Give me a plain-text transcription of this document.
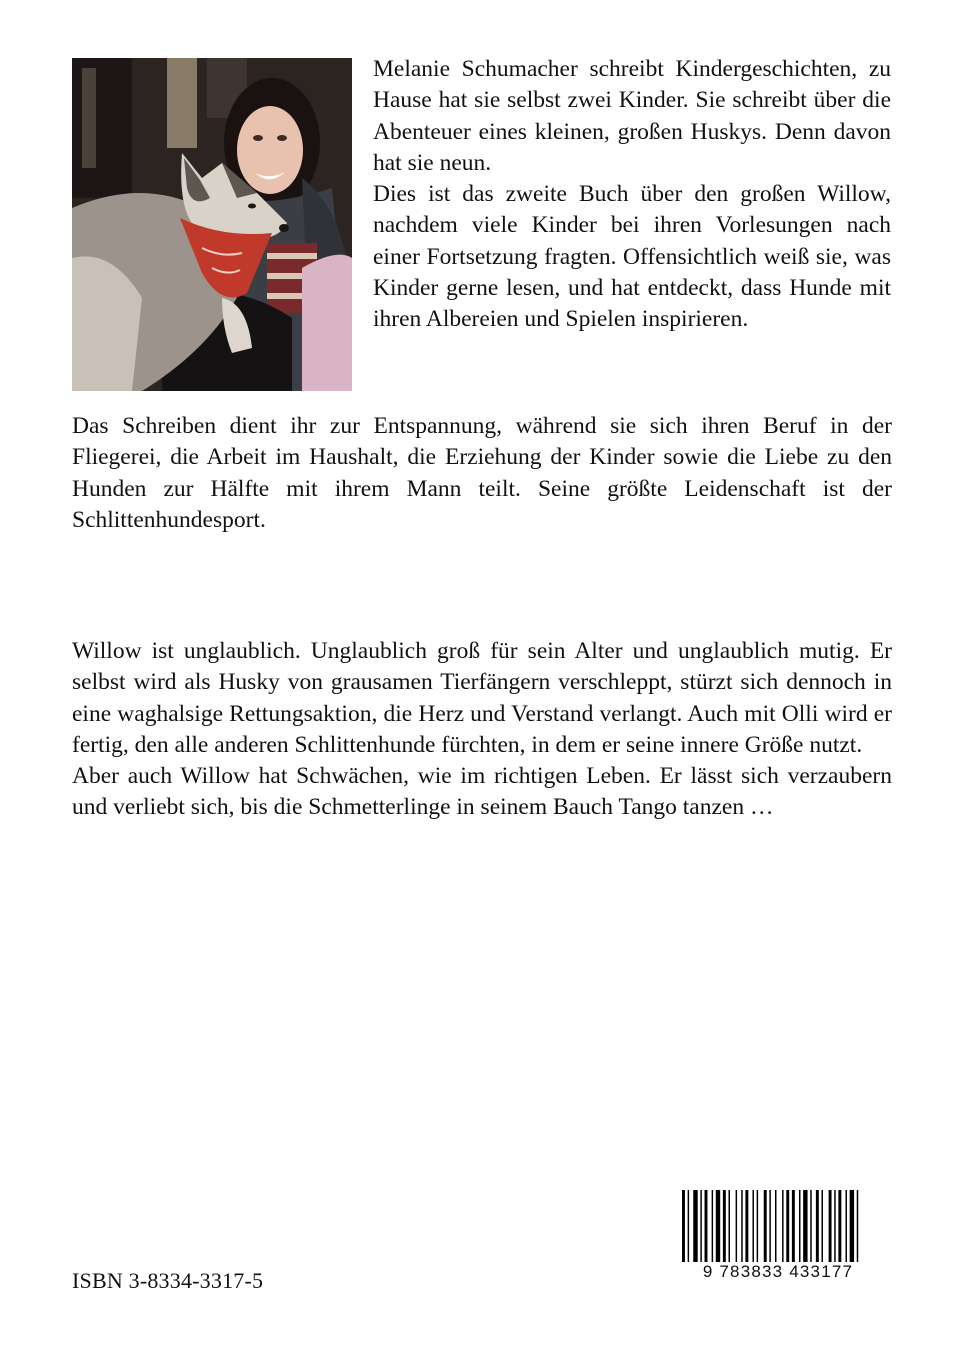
Melanie Schumacher schreibt Kindergeschichten, zu Hause hat sie selbst zwei Kinder. Sie schreibt über die Abenteuer eines kleinen, großen Huskys. Denn davon hat sie neun.

Dies ist das zweite Buch über den großen Willow, nachdem viele Kinder bei ihren Vorlesungen nach einer Fortsetzung fragten. Offensichtlich weiß sie, was Kinder gerne lesen, und hat entdeckt, dass Hunde mit ihren Albereien und Spielen inspirieren.

Das Schreiben dient ihr zur Entspannung, während sie sich ihren Beruf in der Fliegerei, die Arbeit im Haushalt, die Erziehung der Kinder sowie die Liebe zu den Hunden zur Hälfte mit ihrem Mann teilt. Seine größte Leidenschaft ist der Schlittenhundesport.

Willow ist unglaublich. Unglaublich groß für sein Alter und unglaublich mutig. Er selbst wird als Husky von grausamen Tierfängern verschleppt, stürzt sich dennoch in eine waghalsige Rettungsaktion, die Herz und Verstand verlangt. Auch mit Olli wird er fertig, den alle anderen Schlittenhunde fürchten, in dem er seine innere Größe nutzt.

Aber auch Willow hat Schwächen, wie im richtigen Leben. Er lässt sich verzaubern und verliebt sich, bis die Schmetterlinge in seinem Bauch Tango tanzen …

ISBN 3-8334-3317-5	9 783833 433177
